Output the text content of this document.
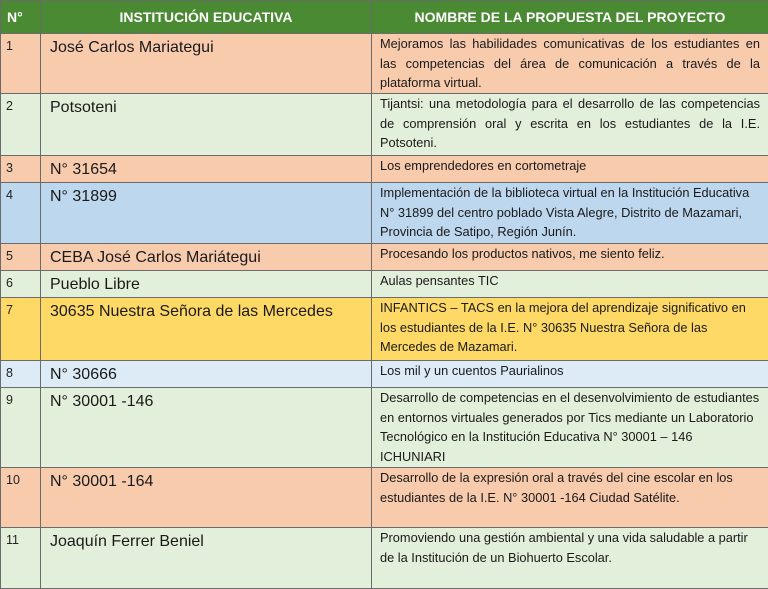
N°	INSTITUCIÓN EDUCATIVA	NOMBRE DE LA PROPUESTA DEL PROYECTO
1	José Carlos Mariategui	Mejoramos las habilidades comunicativas de los estudiantes en las competencias del área de comunicación a través de la plataforma virtual.
2	Potsoteni	Tijantsi: una metodología para el desarrollo de las competencias de comprensión oral y escrita en los estudiantes de la I.E. Potsoteni.
3	N° 31654	Los emprendedores en cortometraje
4	N° 31899	Implementación de la biblioteca virtual en la Institución Educativa N° 31899 del centro poblado Vista Alegre, Distrito de Mazamari, Provincia de Satipo, Región Junín.
5	CEBA José Carlos Mariátegui	Procesando los productos nativos, me siento feliz.
6	Pueblo Libre	Aulas pensantes TIC
7	30635 Nuestra Señora de las Mercedes	INFANTICS – TACS en la mejora del aprendizaje significativo en los estudiantes de la I.E. N° 30635 Nuestra Señora de las Mercedes de Mazamari.
8	N° 30666	Los mil y un cuentos Paurialinos
9	N° 30001 -146	Desarrollo de competencias en el desenvolvimiento de estudiantes en entornos virtuales generados por Tics mediante un Laboratorio Tecnológico en la Institución Educativa N° 30001 – 146 ICHUNIARI
10	N° 30001 -164	Desarrollo de la expresión oral a través del cine escolar en los estudiantes de la I.E. N° 30001 -164 Ciudad Satélite.
11	Joaquín Ferrer Beniel	Promoviendo una gestión ambiental y una vida saludable a partir de la Institución de un Biohuerto Escolar.
